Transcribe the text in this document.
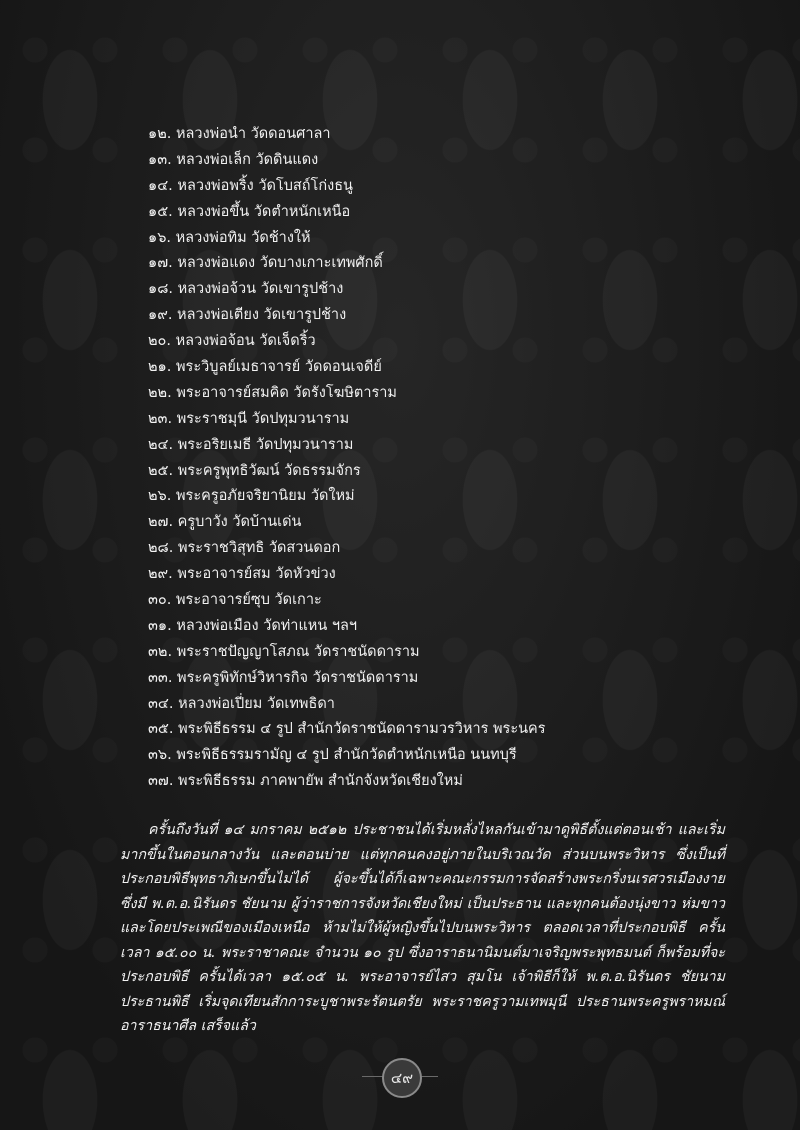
๑๒. หลวงพ่อนำ วัดดอนศาลา
๑๓. หลวงพ่อเล็ก วัดดินแดง
๑๔. หลวงพ่อพริ้ง วัดโบสถ์โก่งธนู
๑๕. หลวงพ่อขึ้น วัดตำหนักเหนือ
๑๖. หลวงพ่อทิม วัดช้างให้
๑๗. หลวงพ่อแดง วัดบางเกาะเทพศักดิ์
๑๘. หลวงพ่อจ้วน วัดเขารูปช้าง
๑๙. หลวงพ่อเตียง วัดเขารูปช้าง
๒๐. หลวงพ่อจ้อน วัดเจ็ดริ้ว
๒๑. พระวิบูลย์เมธาจารย์ วัดดอนเจดีย์
๒๒. พระอาจารย์สมคิด วัดรังโฆษิตาราม
๒๓. พระราชมุนี วัดปทุมวนาราม
๒๔. พระอริยเมธี วัดปทุมวนาราม
๒๕. พระครูพุทธิวัฒน์ วัดธรรมจักร
๒๖. พระครูอภัยจริยานิยม วัดใหม่
๒๗. ครูบาวัง วัดบ้านเด่น
๒๘. พระราชวิสุทธิ วัดสวนดอก
๒๙. พระอาจารย์สม วัดหัวข่วง
๓๐. พระอาจารย์ซุบ วัดเกาะ
๓๑. หลวงพ่อเมือง วัดท่าแหน ฯลฯ
๓๒. พระราชปัญญาโสภณ วัดราชนัดดาราม
๓๓. พระครูพิทักษ์วิหารกิจ วัดราชนัดดาราม
๓๔. หลวงพ่อเปี่ยม วัดเทพธิดา
๓๕. พระพิธีธรรม ๔ รูป สำนักวัดราชนัดดารามวรวิหาร พระนคร
๓๖. พระพิธีธรรมรามัญ ๔ รูป สำนักวัดตำหนักเหนือ นนทบุรี
๓๗. พระพิธีธรรม ภาคพายัพ สำนักจังหวัดเชียงใหม่

ครั้นถึงวันที่ ๑๔ มกราคม ๒๕๑๒ ประชาชนได้เริ่มหลั่งไหลกันเข้ามาดูพิธีตั้งแต่ตอนเช้า และเริ่มมากขึ้นในตอนกลางวัน และตอนบ่าย แต่ทุกคนคงอยู่ภายในบริเวณวัด ส่วนบนพระวิหาร ซึ่งเป็นที่ประกอบพิธีพุทธาภิเษกขึ้นไม่ได้ ผู้จะขึ้นได้ก็เฉพาะคณะกรรมการจัดสร้างพระกริ่งนเรศวรเมืองงาย ซึ่งมี พ.ต.อ.นิรันดร ชัยนาม ผู้ว่าราชการจังหวัดเชียงใหม่ เป็นประธาน และทุกคนต้องนุ่งขาว ห่มขาว และโดยประเพณีของเมืองเหนือ ห้ามไม่ให้ผู้หญิงขึ้นไปบนพระวิหาร ตลอดเวลาที่ประกอบพิธี ครั้นเวลา ๑๕.๐๐ น. พระราชาคณะ จำนวน ๑๐ รูป ซึ่งอาราธนานิมนต์มาเจริญพระพุทธมนต์ ก็พร้อมที่จะประกอบพิธี ครั้นได้เวลา ๑๕.๐๕ น. พระอาจารย์ไสว สุมโน เจ้าพิธีก็ให้ พ.ต.อ.นิรันดร ชัยนาม ประธานพิธี เริ่มจุดเทียนสักการะบูชาพระรัตนตรัย พระราชครูวามเทพมุนี ประธานพระครูพราหมณ์ อาราธนาศีล เสร็จแล้ว

๔๙
